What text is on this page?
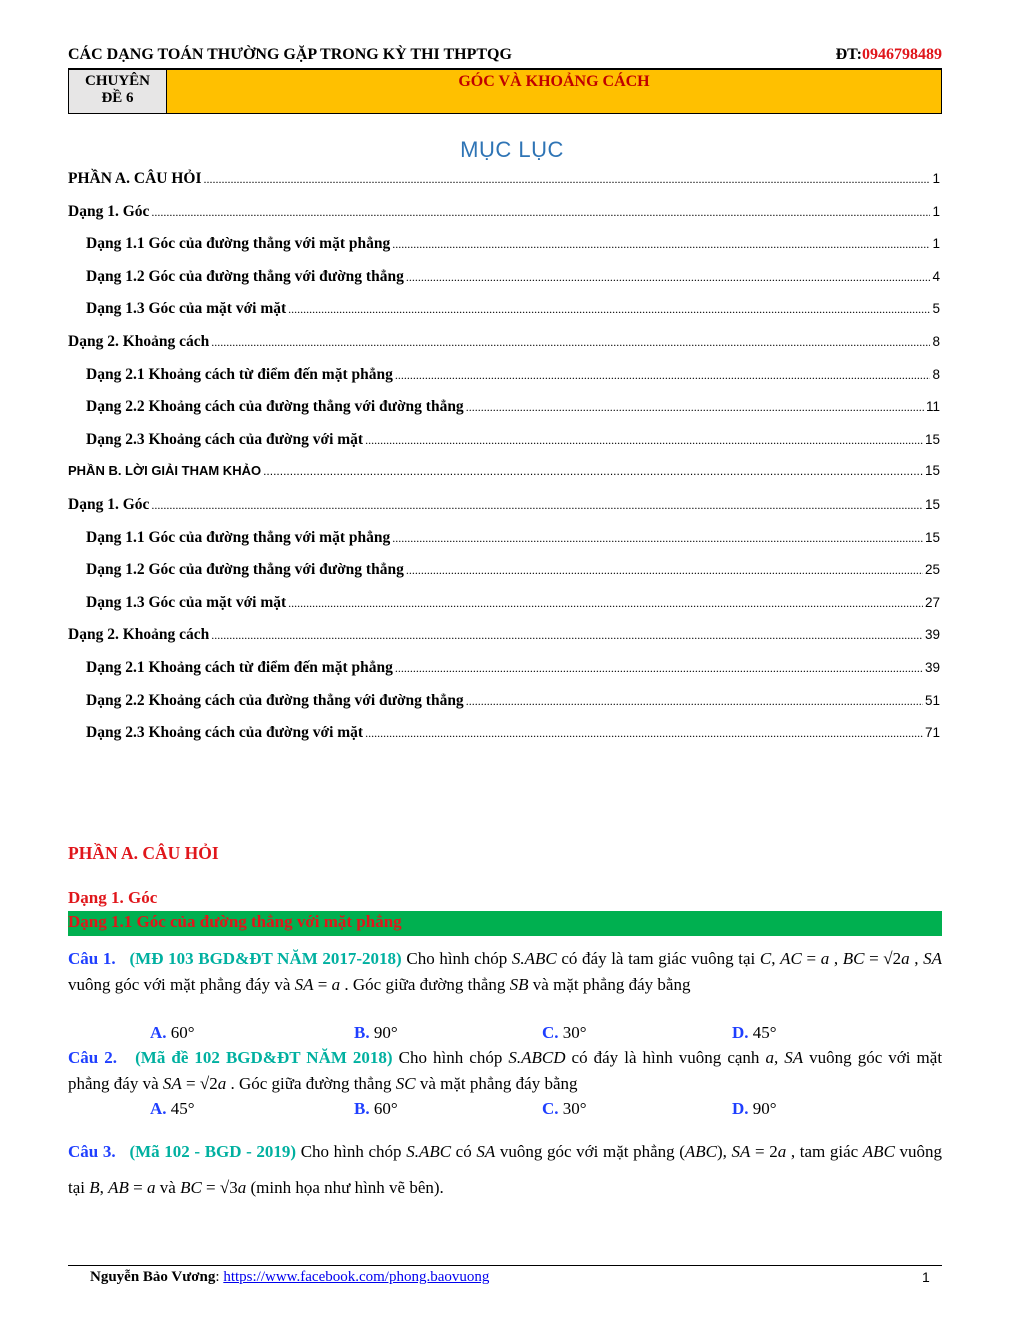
CÁC DẠNG TOÁN THƯỜNG GẶP TRONG KỲ THI THPTQG	ĐT:0946798489
CHUYÊN
ĐỀ 6
GÓC VÀ KHOẢNG CÁCH
MỤC LỤC
PHẦN A. CÂU HỎI .....	1
Dạng 1. Góc .....	1
Dạng 1.1 Góc của đường thẳng với mặt phẳng .....	1
Dạng 1.2 Góc của đường thẳng với đường thẳng .....	4
Dạng 1.3 Góc của mặt với mặt .....	5
Dạng 2. Khoảng cách .....	8
Dạng 2.1 Khoảng cách từ điểm đến mặt phẳng .....	8
Dạng 2.2 Khoảng cách của đường thẳng với đường thẳng .....	11
Dạng 2.3 Khoảng cách của đường với mặt .....	15
PHẦN B. LỜI GIẢI THAM KHẢO .....	15
Dạng 1. Góc .....	15
Dạng 1.1 Góc của đường thẳng với mặt phẳng .....	15
Dạng 1.2 Góc của đường thẳng với đường thẳng .....	25
Dạng 1.3 Góc của mặt với mặt .....	27
Dạng 2. Khoảng cách .....	39
Dạng 2.1 Khoảng cách từ điểm đến mặt phẳng .....	39
Dạng 2.2 Khoảng cách của đường thẳng với đường thẳng .....	51
Dạng 2.3 Khoảng cách của đường với mặt .....	71
PHẦN A. CÂU HỎI
Dạng 1. Góc
Dạng 1.1 Góc của đường thẳng với mặt phẳng
Câu 1. (MĐ 103 BGD&ĐT NĂM 2017-2018) Cho hình chóp S.ABC có đáy là tam giác vuông tại C, AC = a , BC = √2a , SA vuông góc với mặt phẳng đáy và SA = a . Góc giữa đường thẳng SB và mặt phẳng đáy bằng
A. 60°	B. 90°	C. 30°	D. 45°
Câu 2. (Mã đề 102 BGD&ĐT NĂM 2018) Cho hình chóp S.ABCD có đáy là hình vuông cạnh a, SA vuông góc với mặt phẳng đáy và SA = √2a . Góc giữa đường thẳng SC và mặt phẳng đáy bằng
A. 45°	B. 60°	C. 30°	D. 90°
Câu 3. (Mã 102 - BGD - 2019) Cho hình chóp S.ABC có SA vuông góc với mặt phẳng (ABC), SA = 2a , tam giác ABC vuông tại B, AB = a và BC = √3a (minh họa như hình vẽ bên).
Nguyễn Bảo Vương: https://www.facebook.com/phong.baovuong	1
